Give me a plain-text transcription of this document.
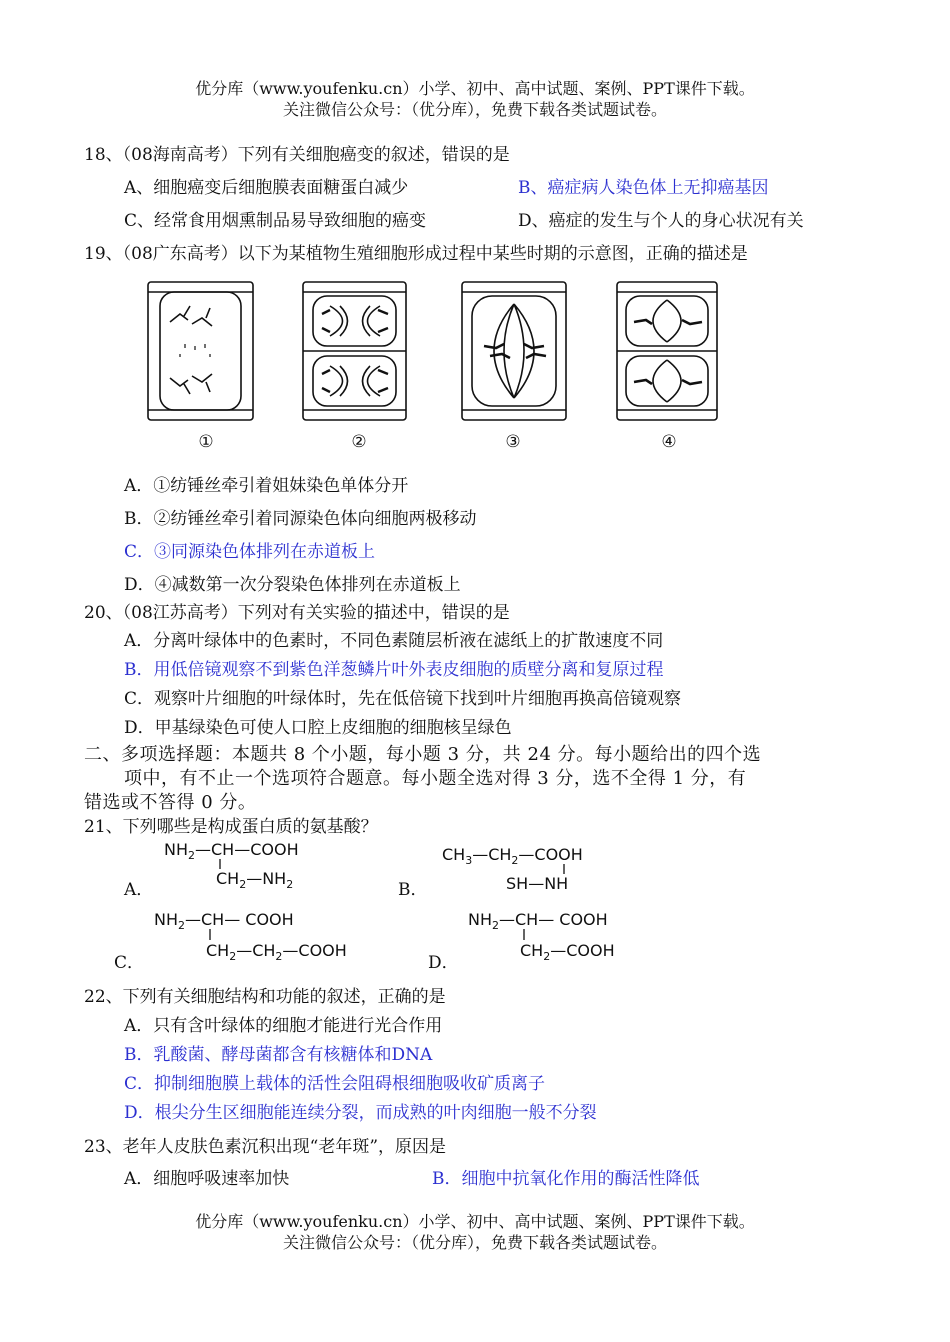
优分库（www.youfenku.cn）小学、初中、高中试题、案例、PPT课件下载。
关注微信公众号：（优分库），免费下载各类试题试卷。
18、（08海南高考）下列有关细胞癌变的叙述，错误的是
A、细胞癌变后细胞膜表面糖蛋白减少	B、癌症病人染色体上无抑癌基因
C、经常食用烟熏制品易导致细胞的癌变	D、癌症的发生与个人的身心状况有关
19、（08广东高考）以下为某植物生殖细胞形成过程中某些时期的示意图，正确的描述是
①	②	③	④
A．①纺锤丝牵引着姐妹染色单体分开
B．②纺锤丝牵引着同源染色体向细胞两极移动
C．③同源染色体排列在赤道板上
D．④减数第一次分裂染色体排列在赤道板上
20、（08江苏高考）下列对有关实验的描述中，错误的是
A．分离叶绿体中的色素时，不同色素随层析液在滤纸上的扩散速度不同
B．用低倍镜观察不到紫色洋葱鳞片叶外表皮细胞的质壁分离和复原过程
C．观察叶片细胞的叶绿体时，先在低倍镜下找到叶片细胞再换高倍镜观察
D．甲基绿染色可使人口腔上皮细胞的细胞核呈绿色
二、多项选择题：本题共 8 个小题，每小题 3 分，共 24 分。每小题给出的四个选
项中，有不止一个选项符合题意。每小题全选对得 3 分，选不全得 1 分，有
错选或不答得 0 分。
21、下列哪些是构成蛋白质的氨基酸？
A．
$NH_2—CH—COOH$
$CH_2—NH_2$	B．
$CH_3—CH_2—COOH$
SH—NH
C．
$NH_2—CH—$ COOH
$CH_2—CH_2—COOH$
D．
$NH_2—CH—$ COOH
$CH_2—COOH$
22、下列有关细胞结构和功能的叙述，正确的是
A．只有含叶绿体的细胞才能进行光合作用
B．乳酸菌、酵母菌都含有核糖体和DNA
C．抑制细胞膜上载体的活性会阻碍根细胞吸收矿质离子
D．根尖分生区细胞能连续分裂，而成熟的叶肉细胞一般不分裂
23、老年人皮肤色素沉积出现“老年斑”，原因是
A．细胞呼吸速率加快	B．细胞中抗氧化作用的酶活性降低
优分库（www.youfenku.cn）小学、初中、高中试题、案例、PPT课件下载。
关注微信公众号：（优分库），免费下载各类试题试卷。
